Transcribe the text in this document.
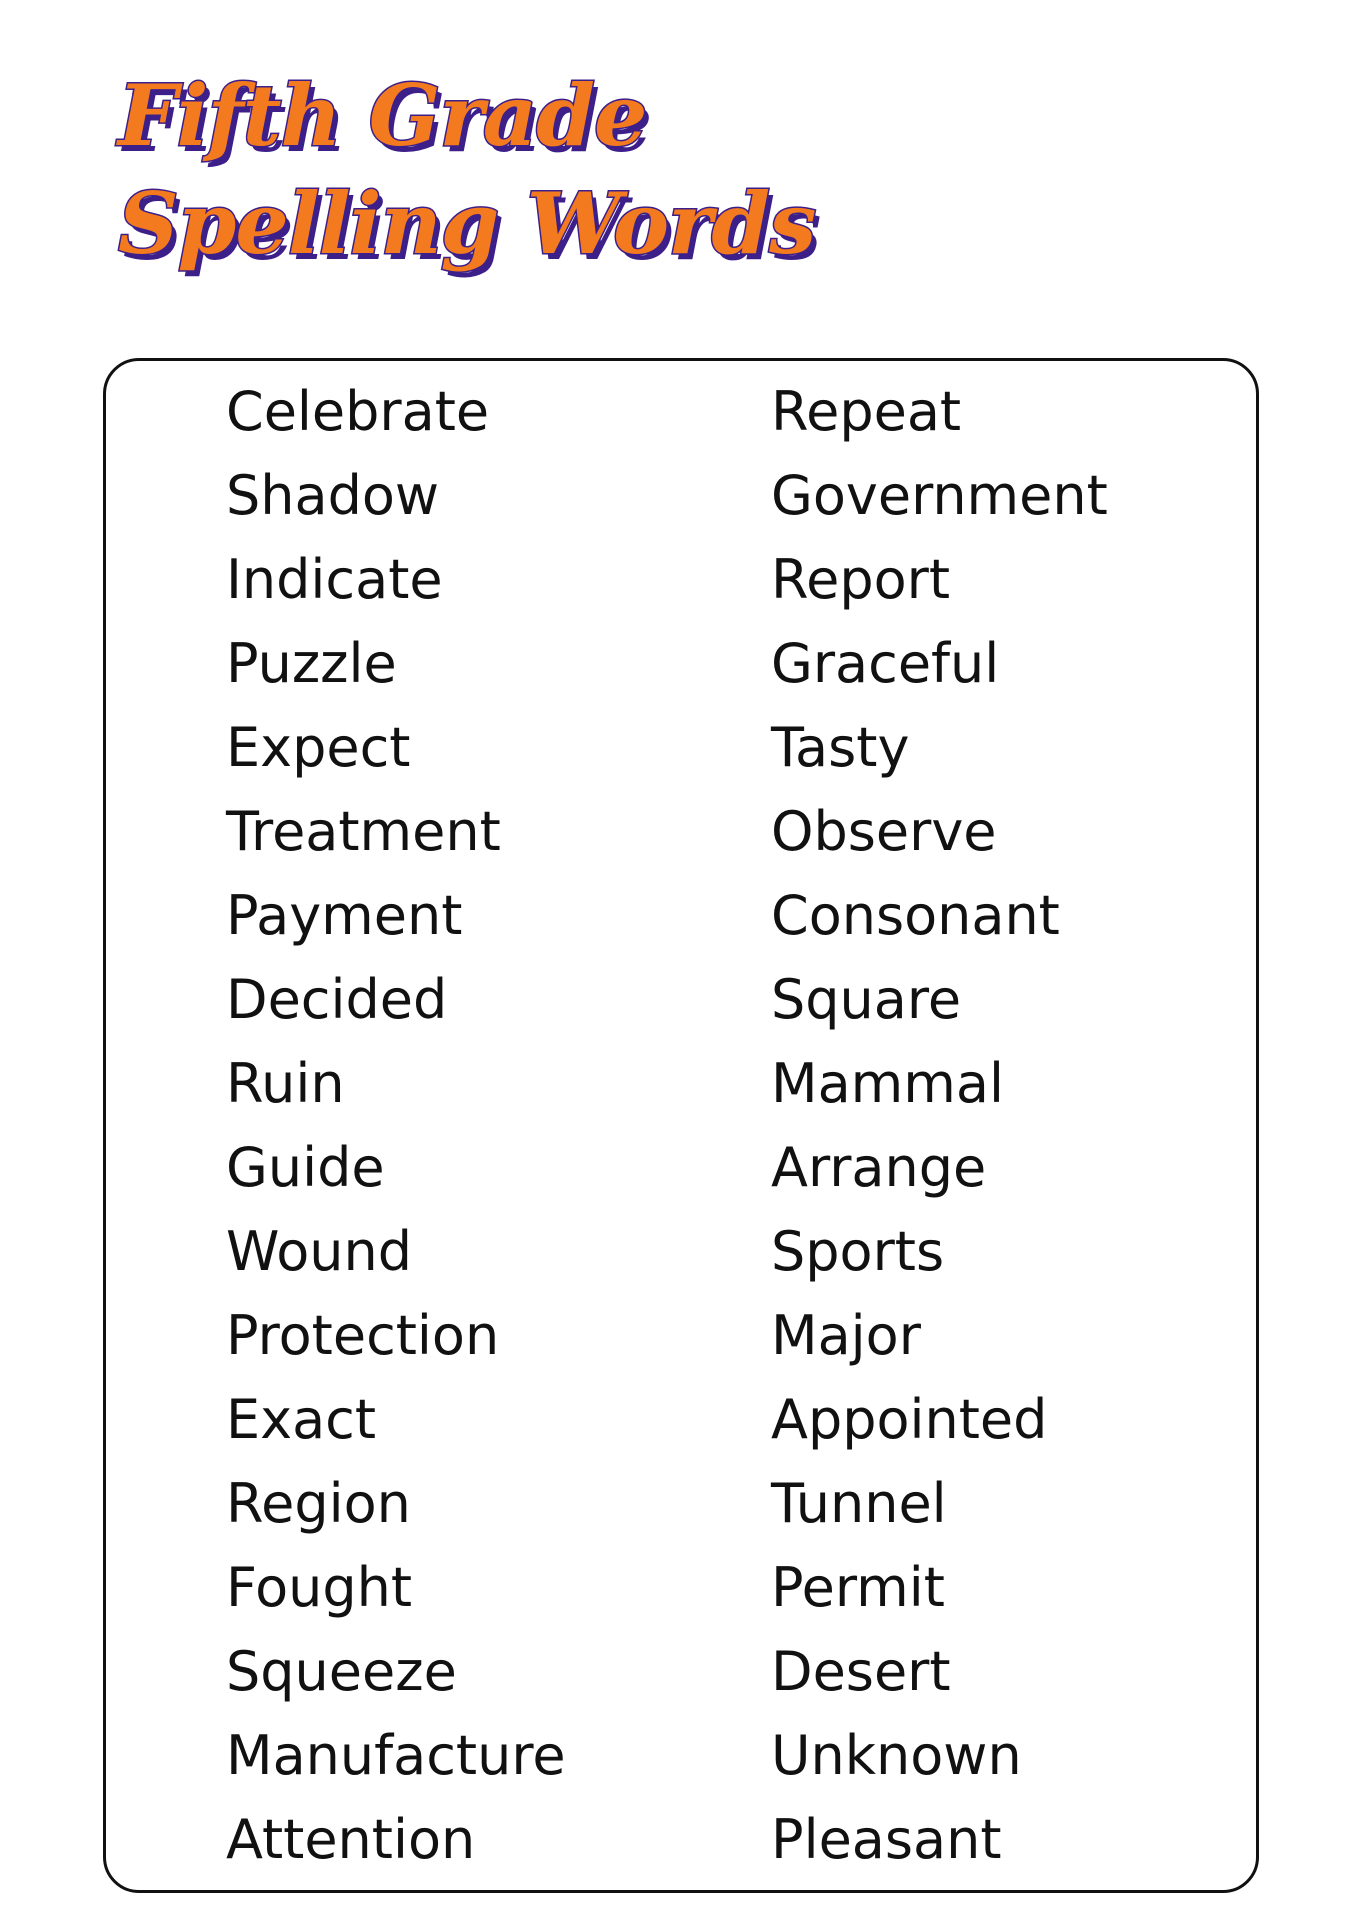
Fifth Grade
Spelling Words
Celebrate
Shadow
Indicate
Puzzle
Expect
Treatment
Payment
Decided
Ruin
Guide
Wound
Protection
Exact
Region
Fought
Squeeze
Manufacture
Attention
Repeat
Government
Report
Graceful
Tasty
Observe
Consonant
Square
Mammal
Arrange
Sports
Major
Appointed
Tunnel
Permit
Desert
Unknown
Pleasant
